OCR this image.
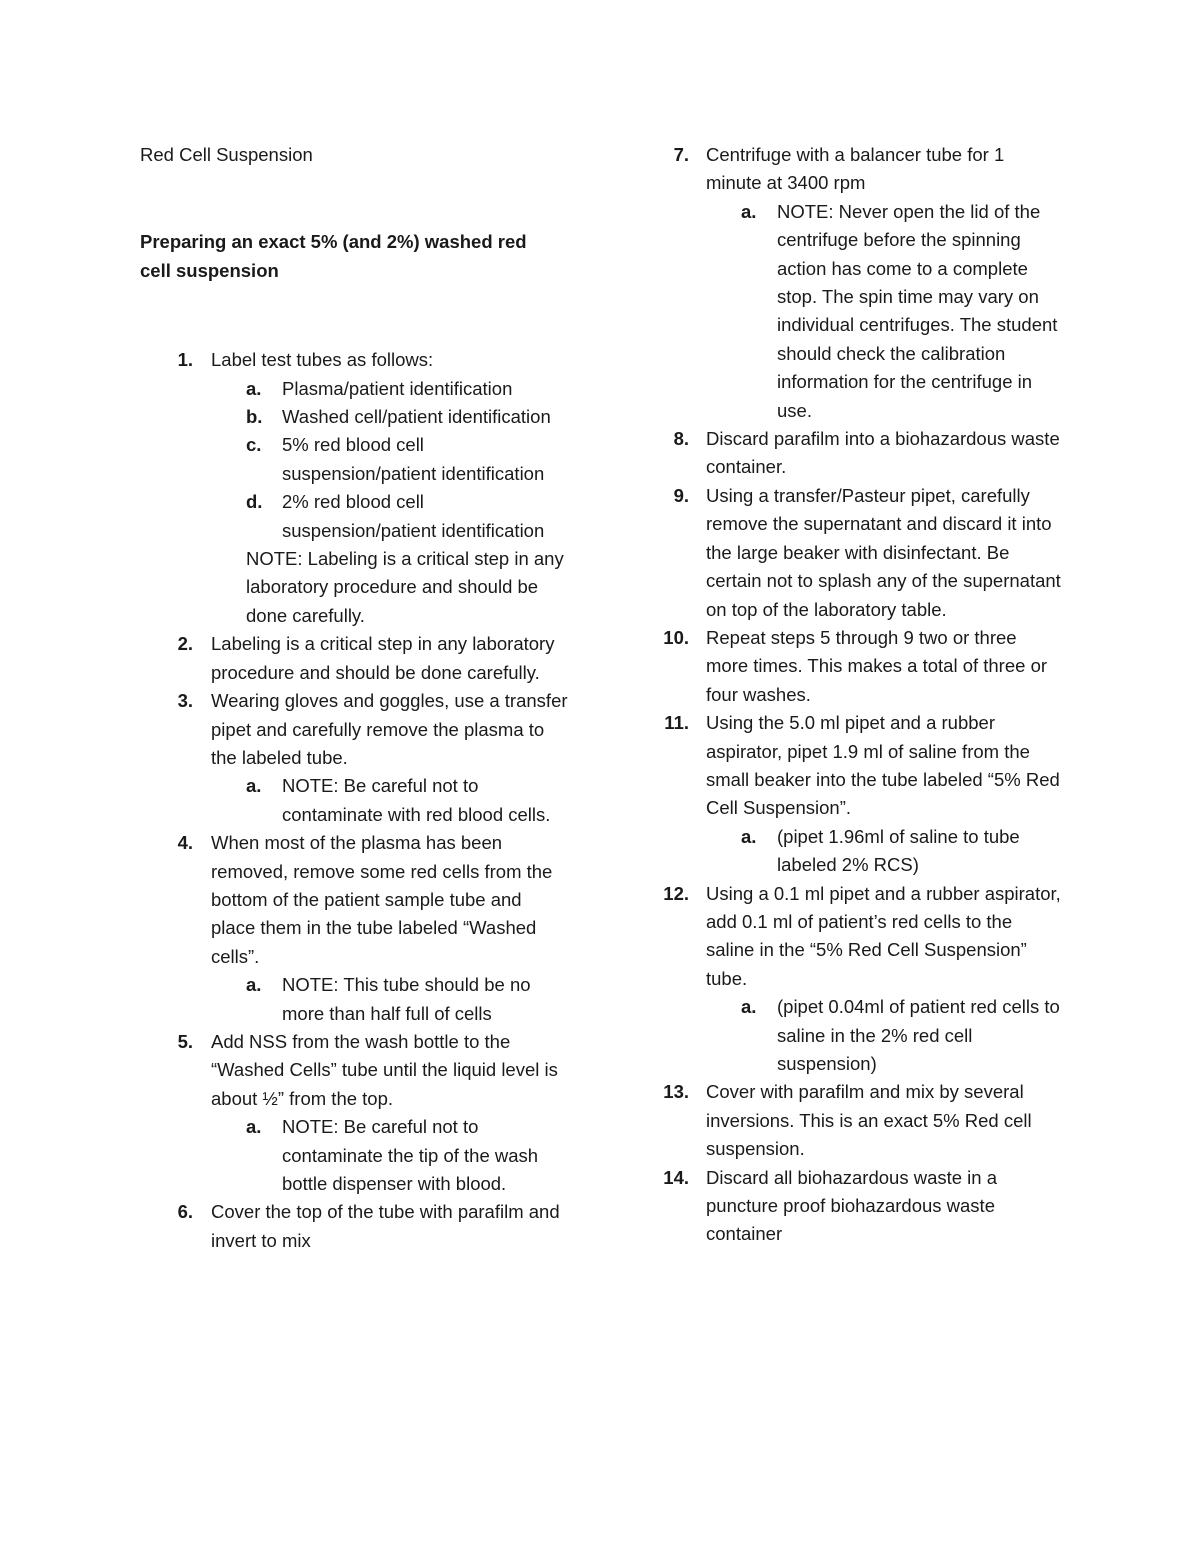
Red Cell Suspension
Preparing an exact 5% (and 2%) washed red cell suspension
1. Label test tubes as follows:
a. Plasma/patient identification
b. Washed cell/patient identification
c. 5% red blood cell suspension/patient identification
d. 2% red blood cell suspension/patient identification
NOTE: Labeling is a critical step in any laboratory procedure and should be done carefully.
2. Labeling is a critical step in any laboratory procedure and should be done carefully.
3. Wearing gloves and goggles, use a transfer pipet and carefully remove the plasma to the labeled tube.
a. NOTE: Be careful not to contaminate with red blood cells.
4. When most of the plasma has been removed, remove some red cells from the bottom of the patient sample tube and place them in the tube labeled “Washed cells”.
a. NOTE: This tube should be no more than half full of cells
5. Add NSS from the wash bottle to the “Washed Cells” tube until the liquid level is about ½” from the top.
a. NOTE: Be careful not to contaminate the tip of the wash bottle dispenser with blood.
6. Cover the top of the tube with parafilm and invert to mix
7. Centrifuge with a balancer tube for 1 minute at 3400 rpm
a. NOTE: Never open the lid of the centrifuge before the spinning action has come to a complete stop. The spin time may vary on individual centrifuges. The student should check the calibration information for the centrifuge in use.
8. Discard parafilm into a biohazardous waste container.
9. Using a transfer/Pasteur pipet, carefully remove the supernatant and discard it into the large beaker with disinfectant. Be certain not to splash any of the supernatant on top of the laboratory table.
10. Repeat steps 5 through 9 two or three more times. This makes a total of three or four washes.
11. Using the 5.0 ml pipet and a rubber aspirator, pipet 1.9 ml of saline from the small beaker into the tube labeled “5% Red Cell Suspension”.
a. (pipet 1.96ml of saline to tube labeled 2% RCS)
12. Using a 0.1 ml pipet and a rubber aspirator, add 0.1 ml of patient’s red cells to the saline in the “5% Red Cell Suspension” tube.
a. (pipet 0.04ml of patient red cells to saline in the 2% red cell suspension)
13. Cover with parafilm and mix by several inversions. This is an exact 5% Red cell suspension.
14. Discard all biohazardous waste in a puncture proof biohazardous waste container
